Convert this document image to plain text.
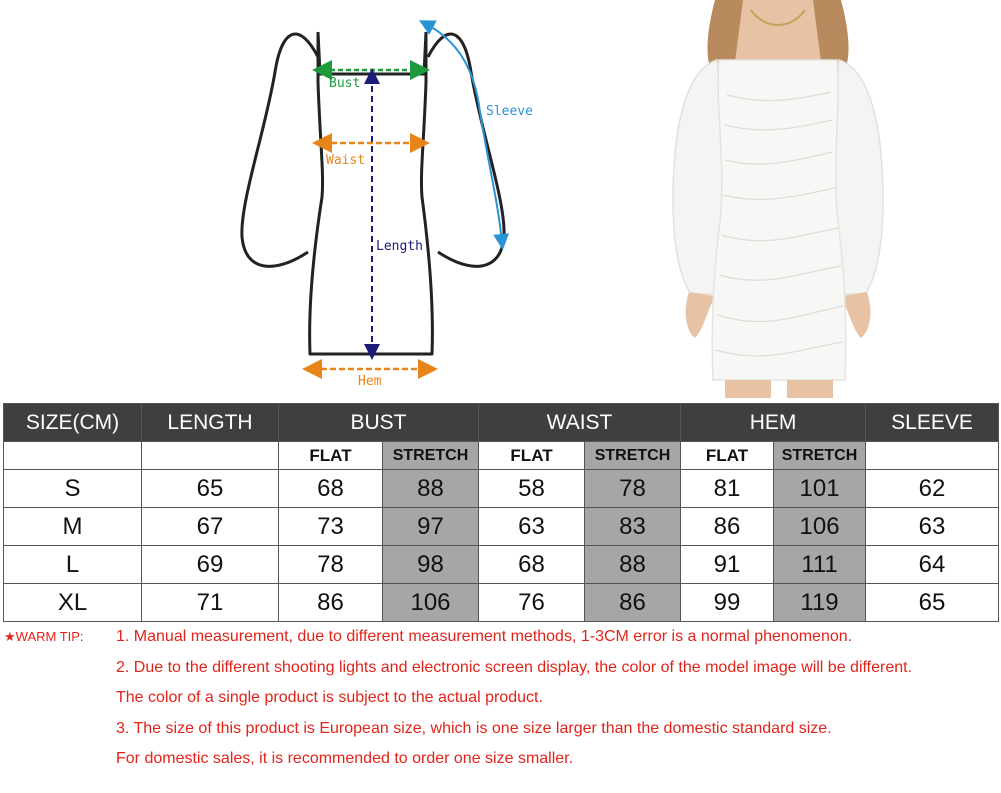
Bust
Length
Waist
Sleeve
Hem
SIZE(CM)	LENGTH	BUST		WAIST		HEM		SLEEVE
		FLAT	STRETCH	FLAT	STRETCH	FLAT	STRETCH	
S	65	68	88	58	78	81	101	62
M	67	73	97	63	83	86	106	63
L	69	78	98	68	88	91	111	64
XL	71	86	106	76	86	99	119	65
★WARM TIP: 1. Manual measurement, due to different measurement methods, 1-3CM error is a normal phenomenon.
2. Due to the different shooting lights and electronic screen display, the color of the model image will be different.
The color of a single product is subject to the actual product.
3. The size of this product is European size, which is one size larger than the domestic standard size.
For domestic sales, it is recommended to order one size smaller.
